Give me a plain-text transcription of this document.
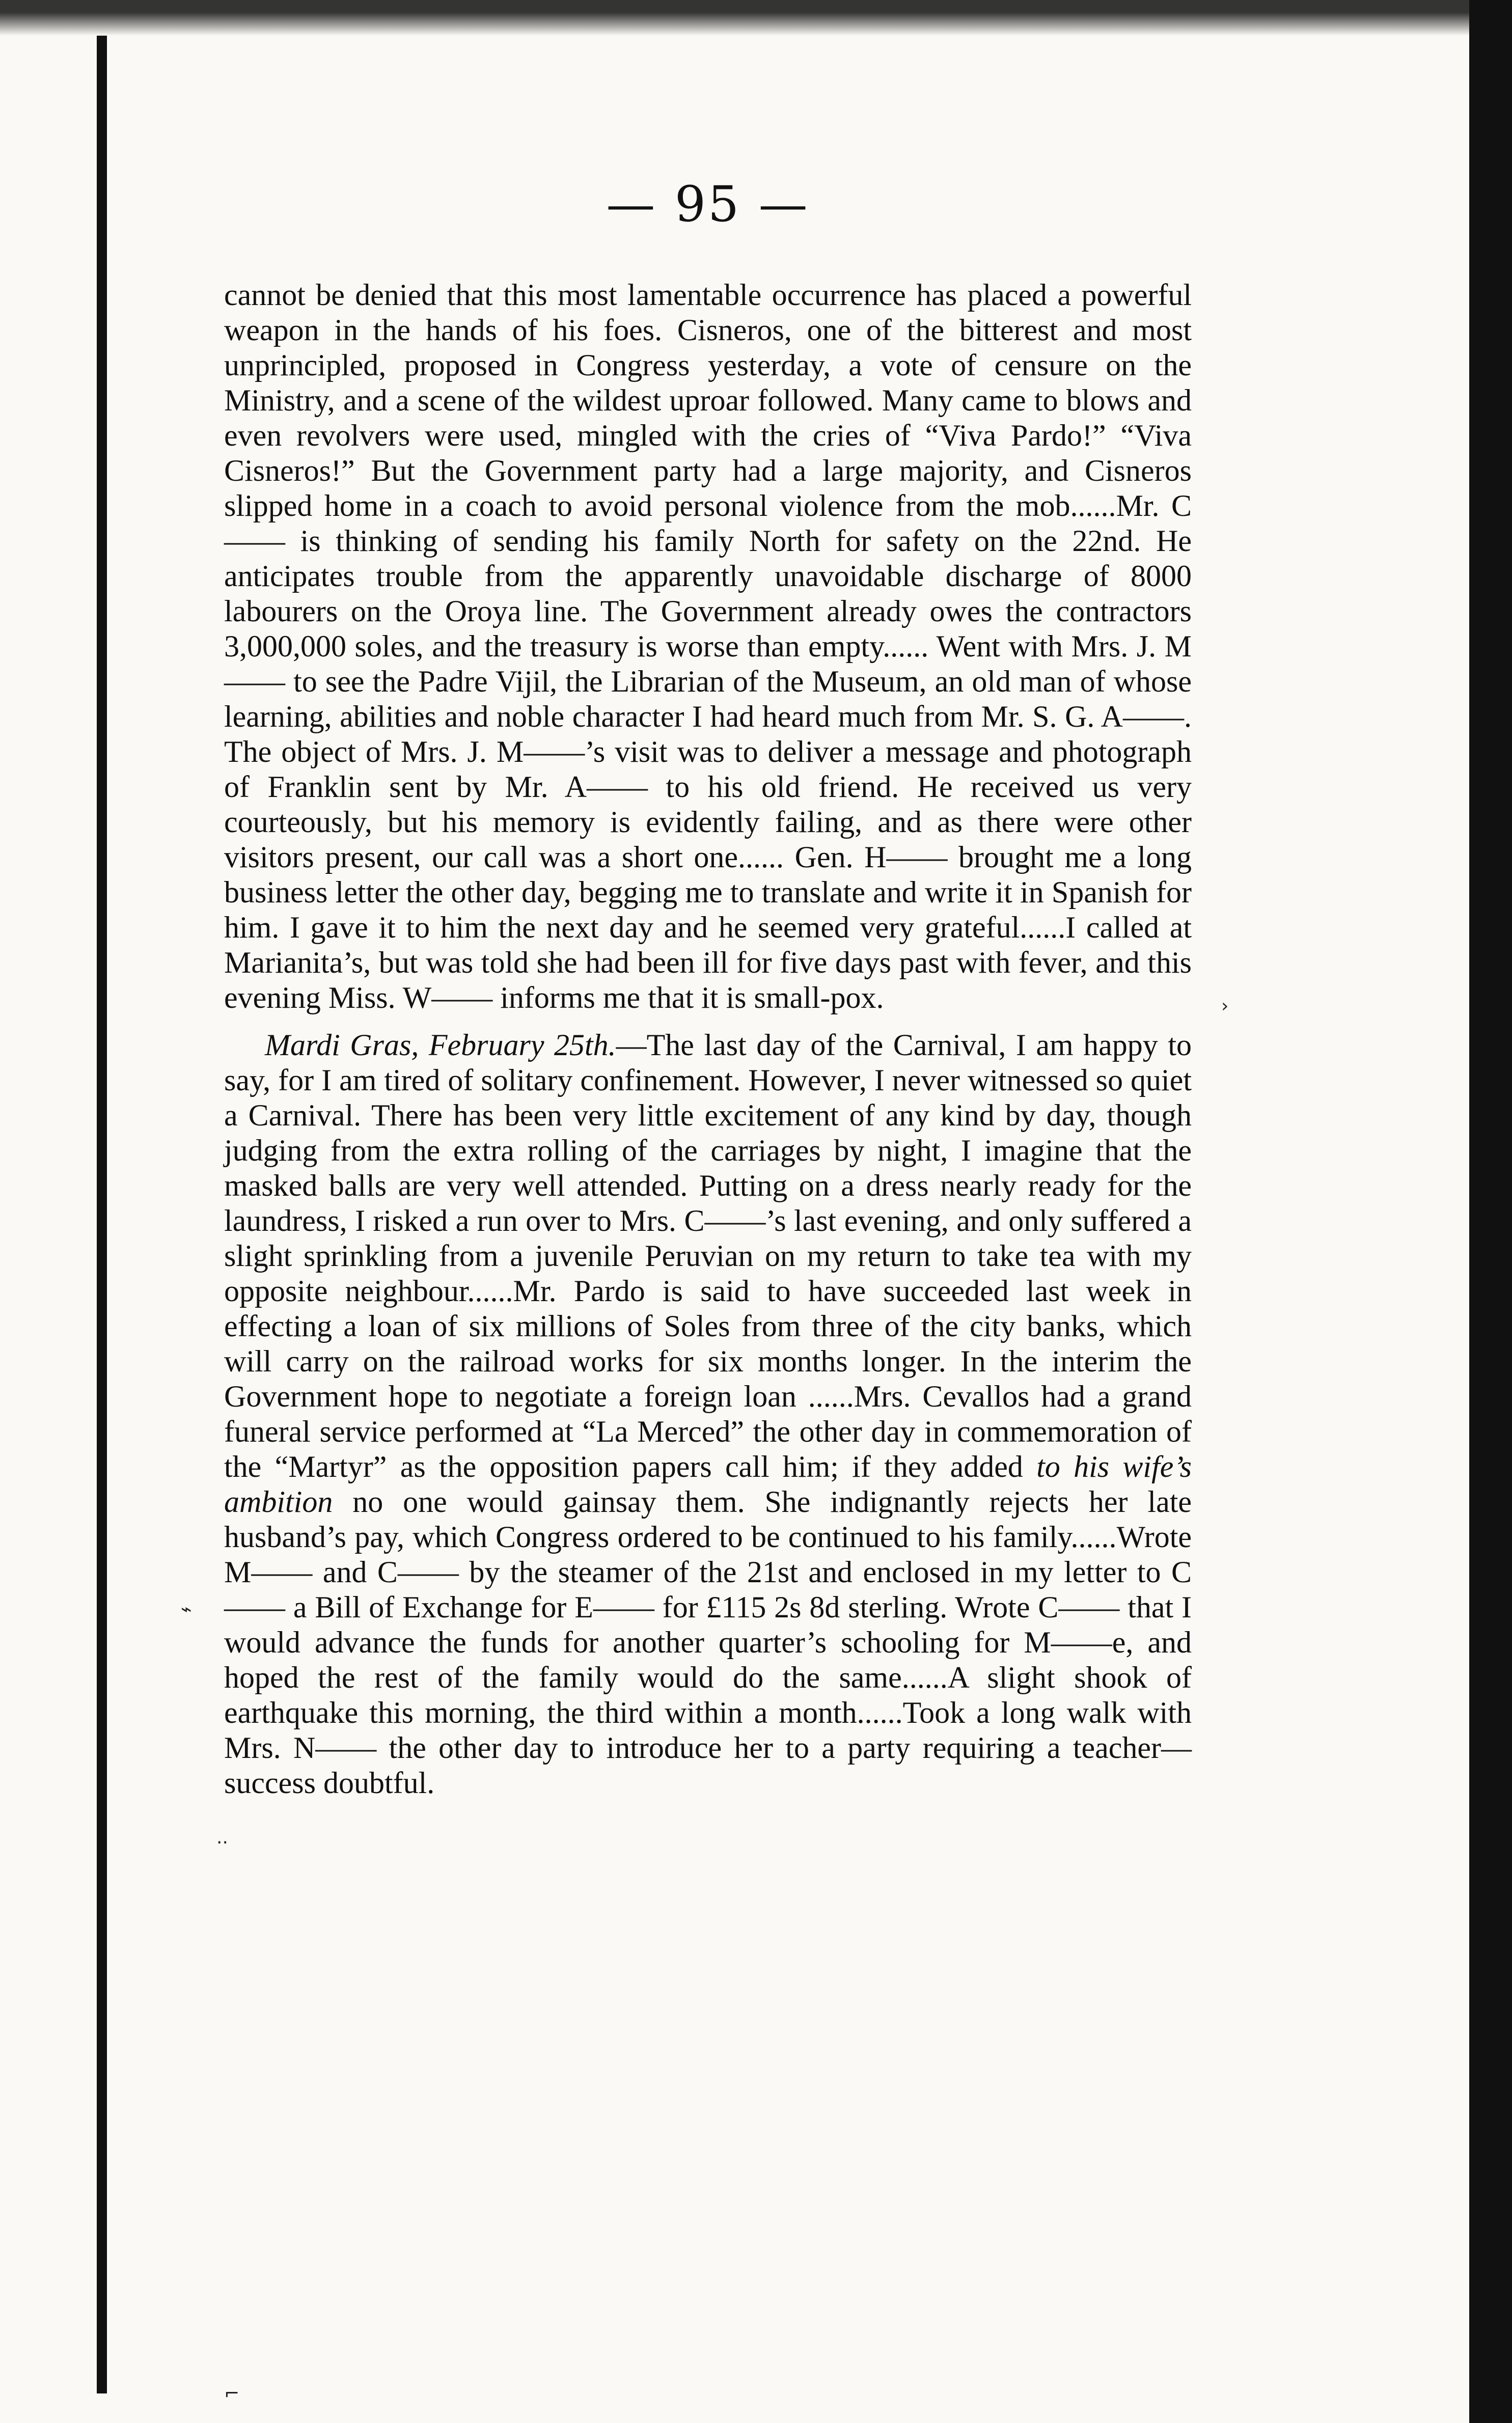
— 95 —

cannot be denied that this most lamentable occurrence has placed a powerful weapon in the hands of his foes. Cisneros, one of the bitterest and most unprincipled, proposed in Congress yesterday, a vote of censure on the Ministry, and a scene of the wildest uproar followed. Many came to blows and even revolvers were used, mingled with the cries of “Viva Pardo!” “Viva Cisneros!” But the Government party had a large majority, and Cisneros slipped home in a coach to avoid personal violence from the mob......Mr. C—— is thinking of sending his family North for safety on the 22nd. He anticipates trouble from the apparently unavoidable discharge of 8000 labourers on the Oroya line. The Government already owes the contractors 3,000,000 soles, and the treasury is worse than empty...... Went with Mrs. J. M—— to see the Padre Vijil, the Librarian of the Museum, an old man of whose learning, abilities and noble character I had heard much from Mr. S. G. A——. The object of Mrs. J. M——’s visit was to deliver a message and photograph of Franklin sent by Mr. A—— to his old friend. He received us very courteously, but his memory is evidently failing, and as there were other visitors present, our call was a short one...... Gen. H—— brought me a long business letter the other day, begging me to translate and write it in Spanish for him. I gave it to him the next day and he seemed very grateful......I called at Marianita’s, but was told she had been ill for five days past with fever, and this evening Miss. W—— informs me that it is small-pox.

Mardi Gras, February 25th.—The last day of the Carnival, I am happy to say, for I am tired of solitary confinement. However, I never witnessed so quiet a Carnival. There has been very little excitement of any kind by day, though judging from the extra rolling of the carriages by night, I imagine that the masked balls are very well attended. Putting on a dress nearly ready for the laundress, I risked a run over to Mrs. C——’s last evening, and only suffered a slight sprinkling from a juvenile Peruvian on my return to take tea with my opposite neighbour......Mr. Pardo is said to have succeeded last week in effecting a loan of six millions of Soles from three of the city banks, which will carry on the railroad works for six months longer. In the interim the Government hope to negotiate a foreign loan ......Mrs. Cevallos had a grand funeral service performed at “La Merced” the other day in commemoration of the “Martyr” as the opposition papers call him; if they added to his wife’s ambition no one would gainsay them. She indignantly rejects her late husband’s pay, which Congress ordered to be continued to his family......Wrote M—— and C—— by the steamer of the 21st and enclosed in my letter to C—— a Bill of Exchange for E—— for £115 2s 8d sterling. Wrote C—— that I would advance the funds for another quarter’s schooling for M——e, and hoped the rest of the family would do the same......A slight shook of earthquake this morning, the third within a month......Took a long walk with Mrs. N—— the other day to introduce her to a party requiring a teacher—success doubtful.

›
⌁
··
⌐
